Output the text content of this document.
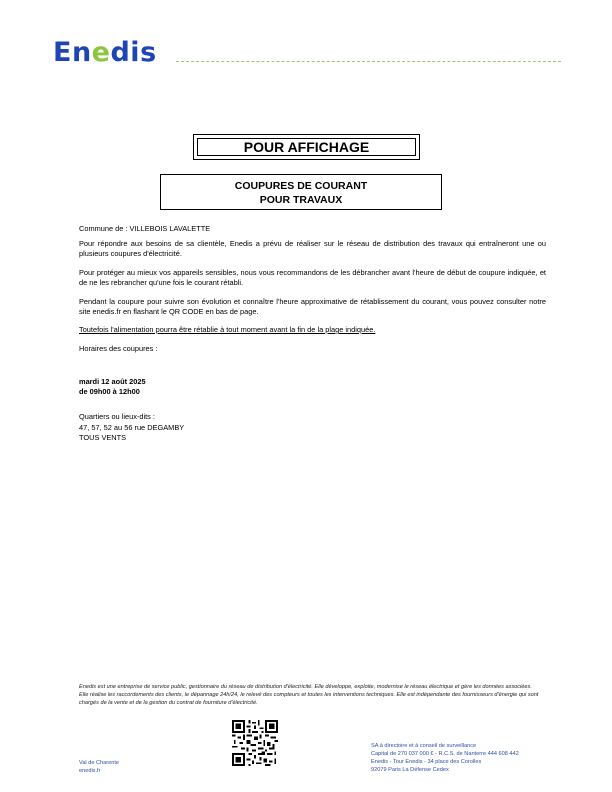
Enedis
POUR AFFICHAGE
COUPURES DE COURANT
POUR TRAVAUX
Commune de : VILLEBOIS LAVALETTE

Pour répondre aux besoins de sa clientèle, Enedis a prévu de réaliser sur le réseau de distribution des travaux qui entraîneront une ou plusieurs coupures d'électricité.

Pour protéger au mieux vos appareils sensibles, nous vous recommandons de les débrancher avant l'heure de début de coupure indiquée, et de ne les rebrancher qu'une fois le courant rétabli.

Pendant la coupure pour suivre son évolution et connaître l'heure approximative de rétablissement du courant, vous pouvez consulter notre site enedis.fr en flashant le QR CODE en bas de page.

Toutefois l'alimentation pourra être rétablie à tout moment avant la fin de la plage indiquée.
Horaires des coupures :
mardi 12 août 2025
de 09h00 à 12h00
Quartiers ou lieux-dits :
47, 57, 52 au 56 rue DEGAMBY
TOUS VENTS
Enedis est une entreprise de service public, gestionnaire du réseau de distribution d'électricité. Elle développe, exploite, modernise le réseau électrique et gère les données associées. Elle réalise les raccordements des clients, le dépannage 24h/24, le relevé des compteurs et toutes les interventions techniques. Elle est indépendante des fournisseurs d'énergie qui sont chargés de la vente et de la gestion du contrat de fourniture d'électricité.
Val de Charente
enedis.fr
SA à directoire et à conseil de surveillance
Capital de 270 037 000 € - R.C.S. de Nanterre 444 608 442
Enedis - Tour Enedis - 34 place des Corolles
92079 Paris La Défense Cedex
